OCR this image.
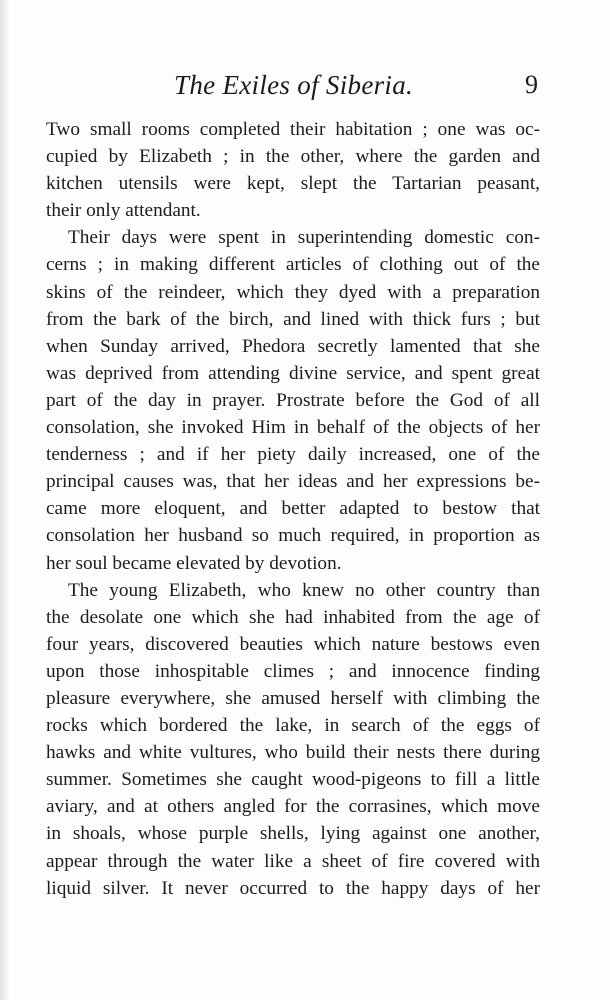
The Exiles of Siberia.	9
Two small rooms completed their habitation ; one was oc-
cupied by Elizabeth ; in the other, where the garden and
kitchen utensils were kept, slept the Tartarian peasant,
their only attendant.
Their days were spent in superintending domestic con-
cerns ; in making different articles of clothing out of the
skins of the reindeer, which they dyed with a preparation
from the bark of the birch, and lined with thick furs ; but
when Sunday arrived, Phedora secretly lamented that she
was deprived from attending divine service, and spent great
part of the day in prayer. Prostrate before the God of all
consolation, she invoked Him in behalf of the objects of her
tenderness ; and if her piety daily increased, one of the
principal causes was, that her ideas and her expressions be-
came more eloquent, and better adapted to bestow that
consolation her husband so much required, in proportion as
her soul became elevated by devotion.
The young Elizabeth, who knew no other country than
the desolate one which she had inhabited from the age of
four years, discovered beauties which nature bestows even
upon those inhospitable climes ; and innocence finding
pleasure everywhere, she amused herself with climbing the
rocks which bordered the lake, in search of the eggs of
hawks and white vultures, who build their nests there during
summer. Sometimes she caught wood-pigeons to fill a little
aviary, and at others angled for the corrasines, which move
in shoals, whose purple shells, lying against one another,
appear through the water like a sheet of fire covered with
liquid silver. It never occurred to the happy days of her
